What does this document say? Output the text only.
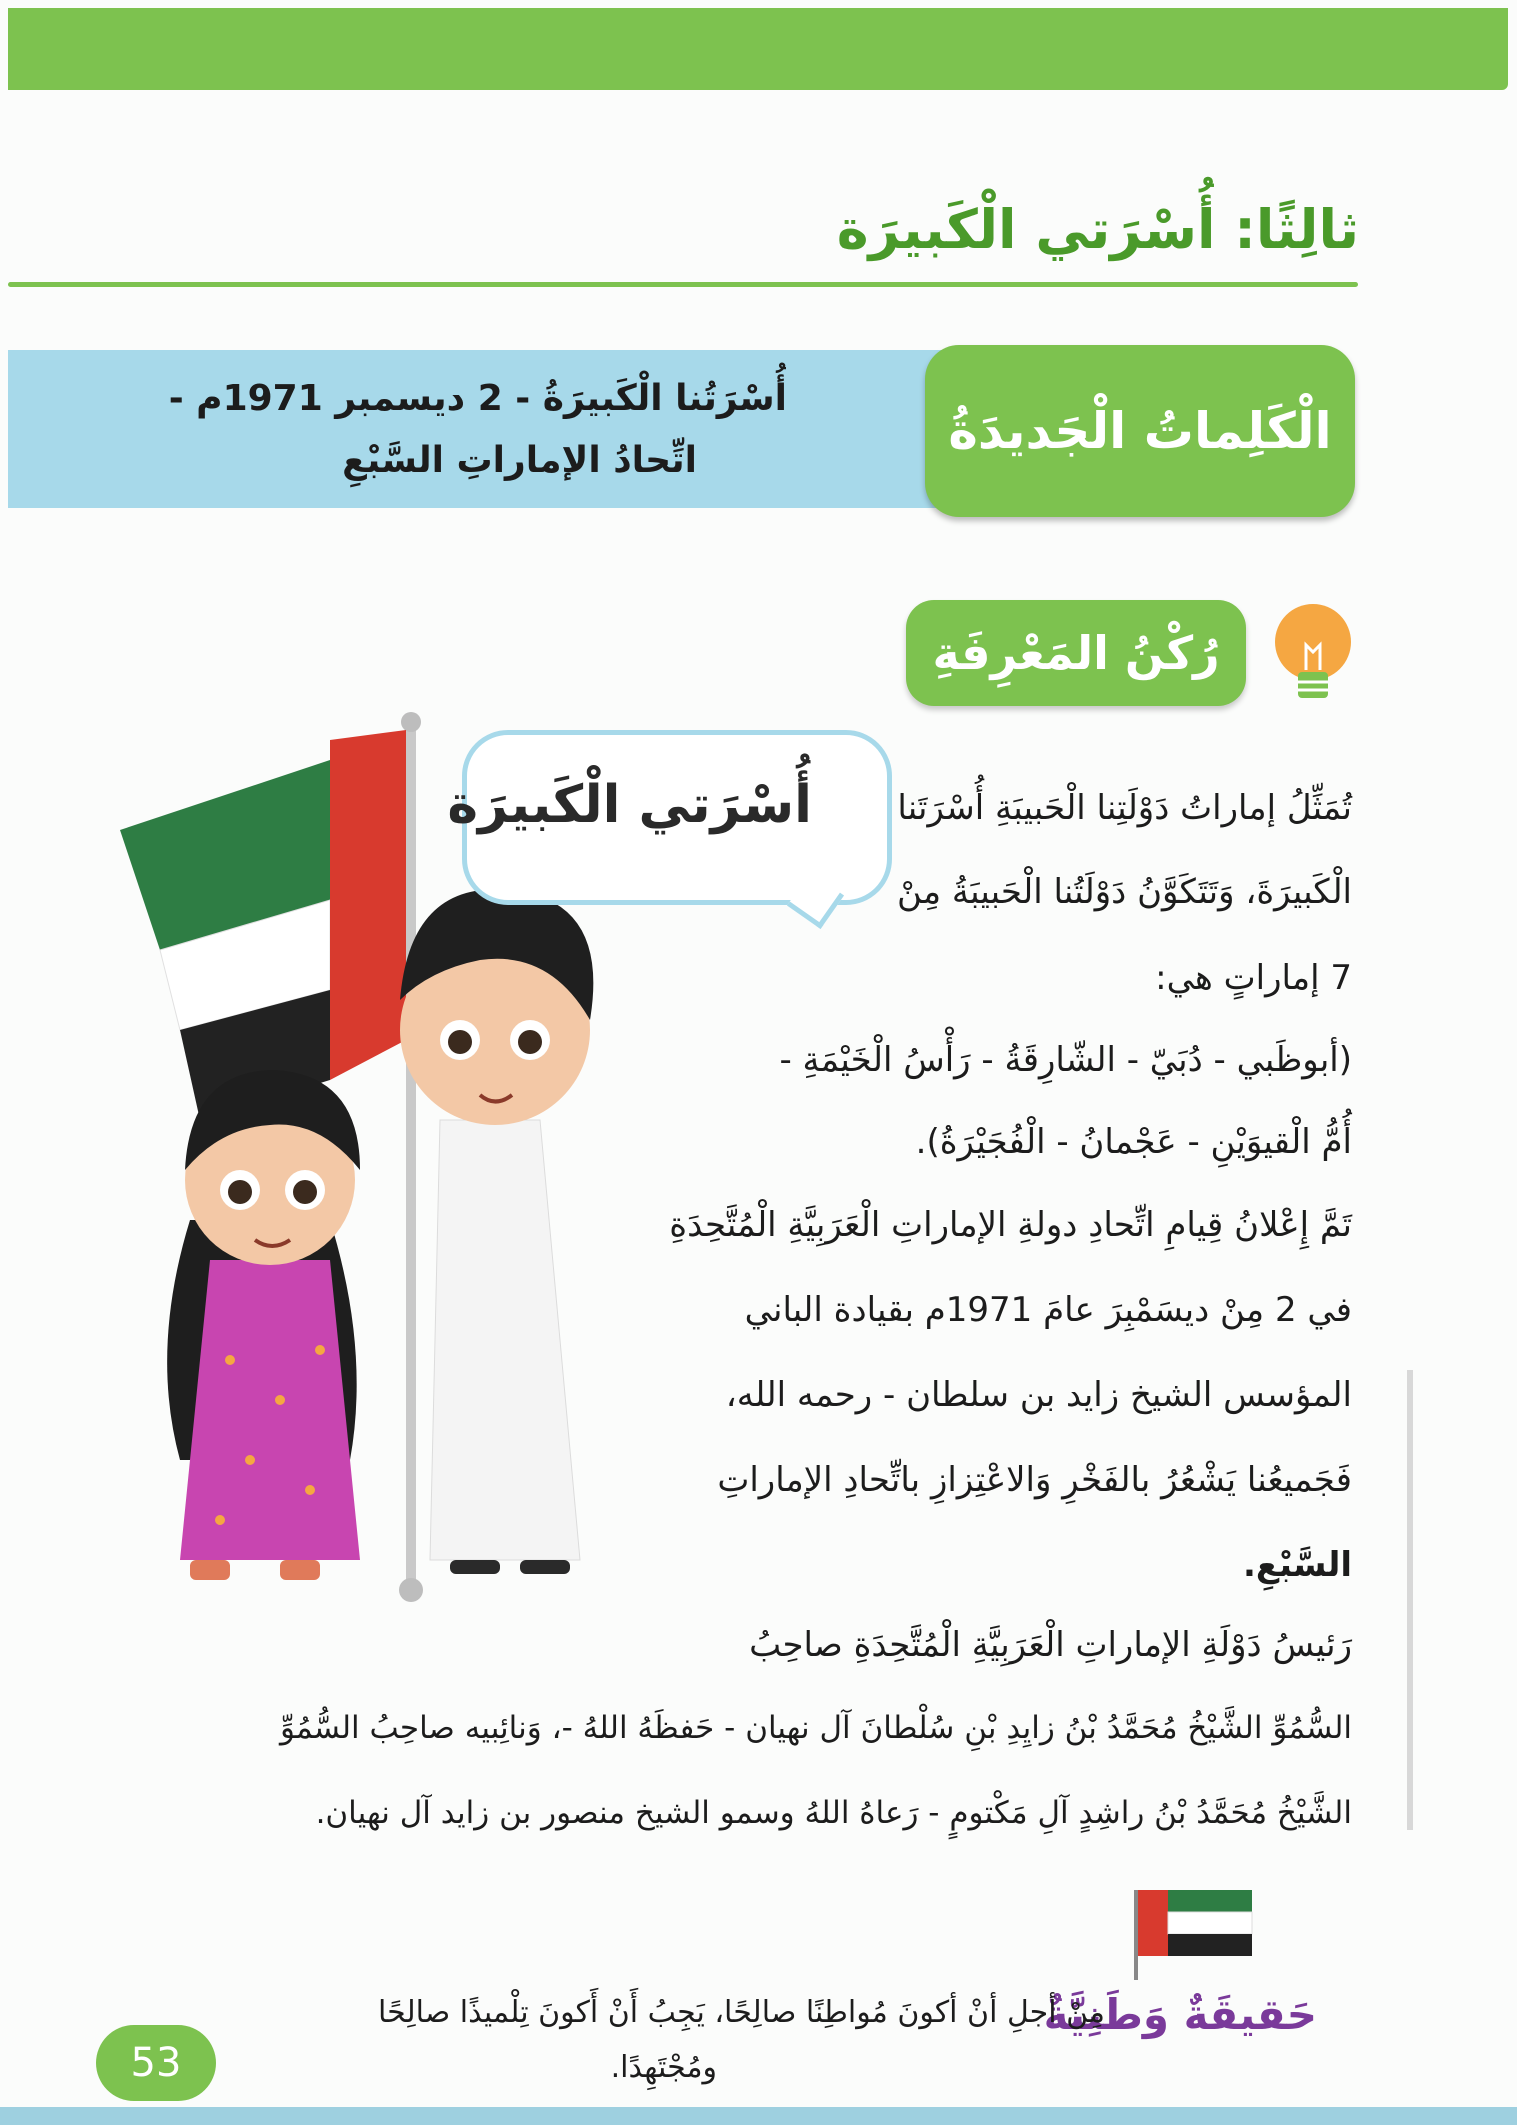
ثالِثًا: أُسْرَتي الْكَبيرَة
أُسْرَتُنا الْكَبيرَةُ - 2 ديسمبر 1971م -
اتِّحادُ الإماراتِ السَّبْعِ
الْكَلِماتُ الْجَديدَةُ
رُكْنُ المَعْرِفَةِ
أُسْرَتي الْكَبيرَة	تُمَثِّلُ إماراتُ دَوْلَتِنا الْحَبيبَةِ أُسْرَتَنا
الْكَبيرَةَ، وَتَتَكَوَّنُ دَوْلَتُنا الْحَبيبَةُ مِنْ
7 إماراتٍ هي:
(أبوظَبي - دُبَيّ - الشّارِقَةُ - رَأْسُ الْخَيْمَةِ -
أُمُّ الْقيوَيْنِ - عَجْمانُ - الْفُجَيْرَةُ).
تَمَّ إِعْلانُ قِيامِ اتِّحادِ دولةِ الإماراتِ الْعَرَبِيَّةِ الْمُتَّحِدَةِ
في 2 مِنْ ديسَمْبِرَ عامَ 1971م بقيادة الباني
المؤسس الشيخ زايد بن سلطان - رحمه الله،
فَجَميعُنا يَشْعُرُ بالفَخْرِ وَالاعْتِزازِ باتِّحادِ الإماراتِ
السَّبْعِ.
رَئيسُ دَوْلَةِ الإماراتِ الْعَرَبِيَّةِ الْمُتَّحِدَةِ صاحِبُ
السُّمُوِّ الشَّيْخُ مُحَمَّدُ بْنُ زايِدِ بْنِ سُلْطانَ آل نهيان - حَفظَهُ اللهُ -، وَنائِبيه صاحِبُ السُّمُوِّ
الشَّيْخُ مُحَمَّدُ بْنُ راشِدٍ آلِ مَكْتومٍ - رَعاهُ اللهُ وسمو الشيخ منصور بن زايد آل نهيان.
حَقيقَةٌ وَطَنِيَّةٌ
مِنْ أجلِ أنْ أكونَ مُواطِنًا صالِحًا، يَجِبُ أَنْ أَكونَ تِلْميذًا صالِحًا
ومُجْتَهِدًا.
53
